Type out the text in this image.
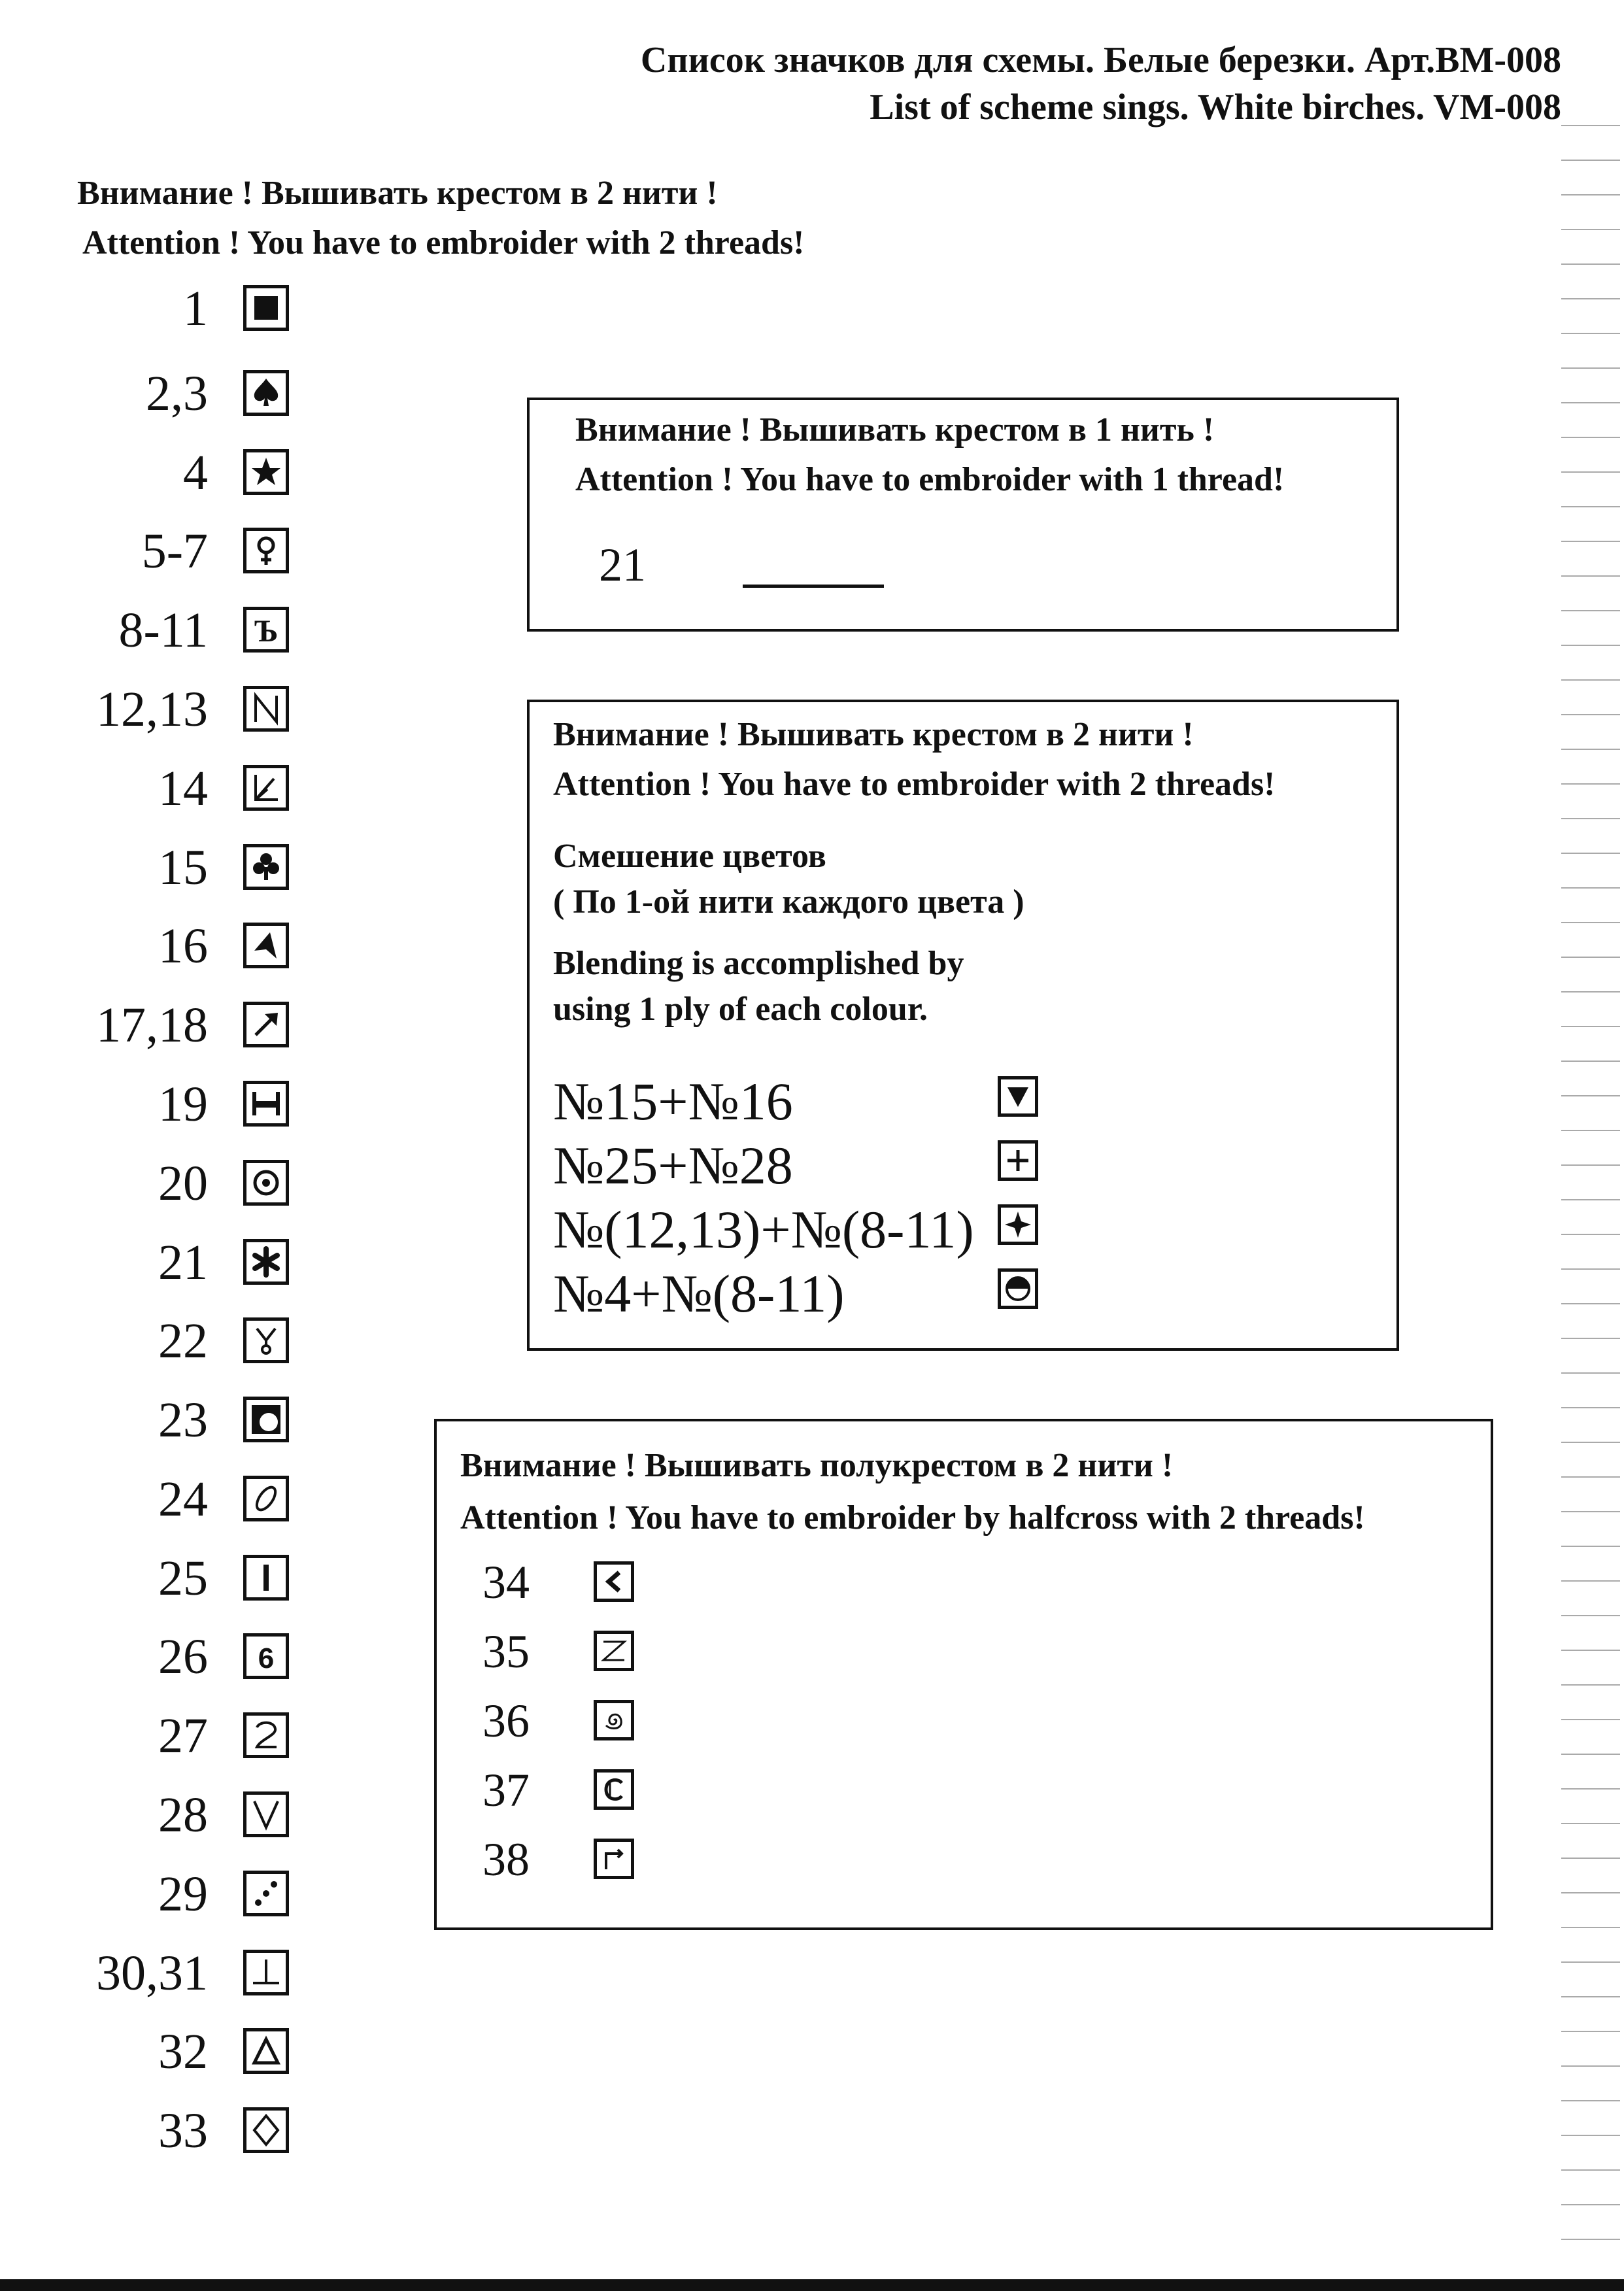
Список значков для схемы. Белые березки. Арт.ВМ-008
List of scheme sings. White birches. VM-008
Внимание ! Вышивать крестом в 2 нити !
Attention ! You have to embroider with 2 threads!
1
2,3
4
5-7
8-11 Ъ
12,13
14
15
16
17,18
19
20
21
22
23
24
25
26 6
27
28
29
30,31
32
33
Внимание ! Вышивать крестом в 1 нить !
Attention ! You have to embroider with 1 thread!
21
Внимание ! Вышивать крестом в 2 нити !
Attention ! You have to embroider with 2 threads!
Смешение цветов
( По 1-ой нити каждого цвета )
Blending is accomplished by
using 1 ply of each colour.
№15+№16
№25+№28
№(12,13)+№(8-11)
№4+№(8-11)
Внимание ! Вышивать полукрестом в 2 нити !
Attention ! You have to embroider by halfcross with 2 threads!
34
35
36
37
38
